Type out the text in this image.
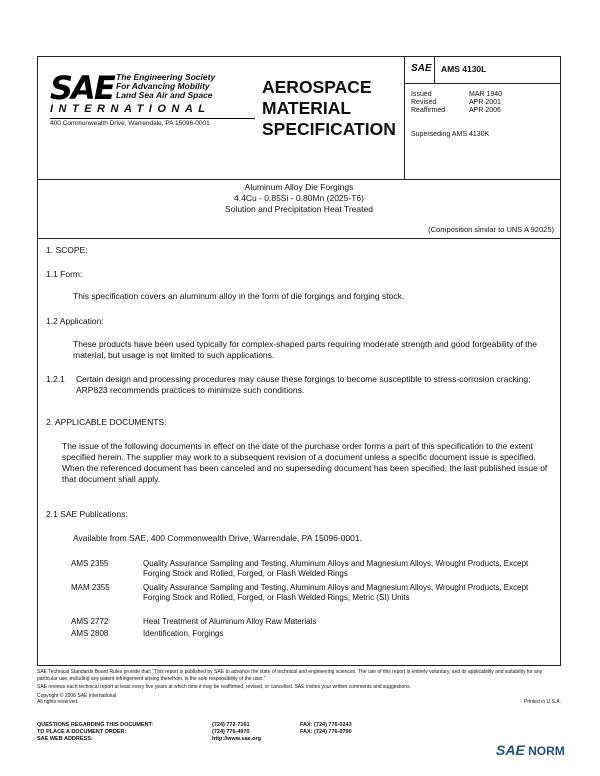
SAE The Engineering Society
For Advancing Mobility
Land Sea Air and Space
INTERNATIONAL
400 Commonwealth Drive, Warrendale, PA 15096-0001
AEROSPACE
MATERIAL
SPECIFICATION
SAE AMS 4130L
Issued	MAR 1940
Revised	APR 2001
Reaffirmed	APR 2006
Superseding AMS 4130K
Aluminum Alloy Die Forgings
4.4Cu - 0.85Si - 0.80Mn (2025-T6)
Solution and Precipitation Heat Treated
(Composition similar to UNS A 92025)
1. SCOPE:
1.1 Form:
This specification covers an aluminum alloy in the form of die forgings and forging stock.
1.2 Application:
These products have been used typically for complex-shaped parts requiring moderate strength and good forgeability of the material, but usage is not limited to such applications.
1.2.1 Certain design and processing procedures may cause these forgings to become susceptible to stress-corrosion cracking; ARP823 recommends practices to minimize such conditions.
2. APPLICABLE DOCUMENTS:
The issue of the following documents in effect on the date of the purchase order forms a part of this specification to the extent specified herein. The supplier may work to a subsequent revision of a document unless a specific document issue is specified. When the referenced document has been canceled and no superseding document has been specified, the last published issue of that document shall apply.
2.1 SAE Publications:
Available from SAE, 400 Commonwealth Drive, Warrendale, PA 15096-0001.
AMS 2355	Quality Assurance Sampling and Testing, Aluminum Alloys and Magnesium Alloys, Wrought Products, Except Forging Stock and Rolled, Forged, or Flash Welded Rings
MAM 2355	Quality Assurance Sampling and Testing, Aluminum Alloys and Magnesium Alloys, Wrought Products, Except Forging Stock and Rolled, Forged, or Flash Welded Rings, Metric (SI) Units
AMS 2772	Heat Treatment of Aluminum Alloy Raw Materials
AMS 2808	Identification, Forgings
SAE Technical Standards Board Rules provide that: "This report is published by SAE to advance the state of technical and engineering sciences. The use of this report is entirely voluntary, and its applicability and suitability for any particular use, including any patent infringement arising therefrom, is the sole responsibility of the user."
SAE reviews each technical report at least every five years at which time it may be reaffirmed, revised, or cancelled. SAE invites your written comments and suggestions.
Copyright © 2006 SAE International
All rights reserved.	Printed in U.S.A.
QUESTIONS REGARDING THIS DOCUMENT:	(724) 772-7161	FAX: (724) 776-0243
TO PLACE A DOCUMENT ORDER:	(724) 776-4970	FAX: (724) 776-0790
SAE WEB ADDRESS:	http://www.sae.org
SAE NORM
